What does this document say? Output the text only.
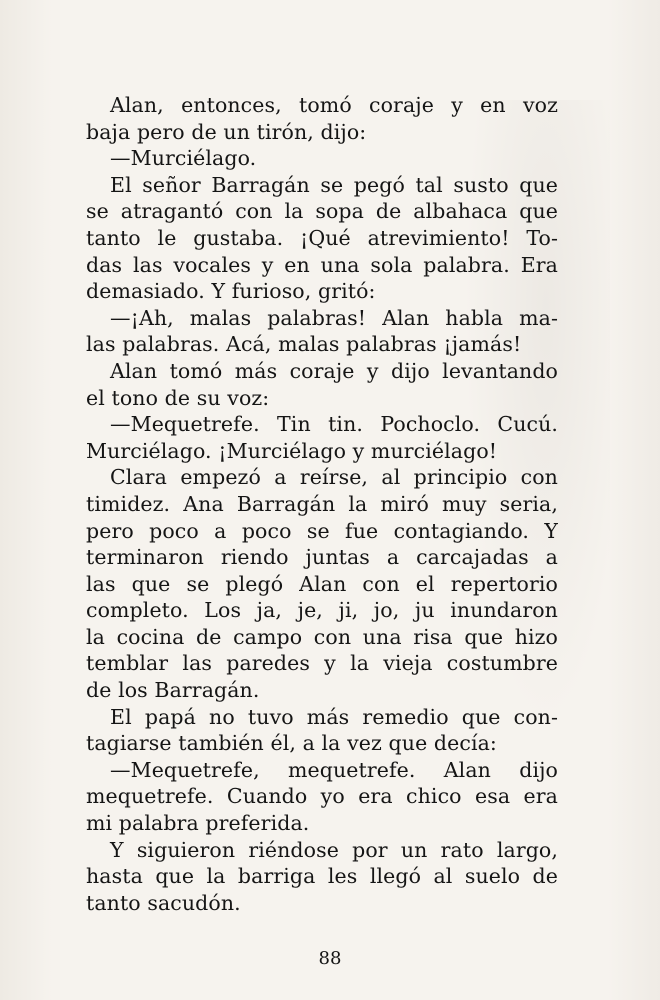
Alan, entonces, tomó coraje y en voz
baja pero de un tirón, dijo:
—Murciélago.
El señor Barragán se pegó tal susto que
se atragantó con la sopa de albahaca que
tanto le gustaba. ¡Qué atrevimiento! To-
das las vocales y en una sola palabra. Era
demasiado. Y furioso, gritó:
—¡Ah, malas palabras! Alan habla ma-
las palabras. Acá, malas palabras ¡jamás!
Alan tomó más coraje y dijo levantando
el tono de su voz:
—Mequetrefe. Tin tin. Pochoclo. Cucú.
Murciélago. ¡Murciélago y murciélago!
Clara empezó a reírse, al principio con
timidez. Ana Barragán la miró muy seria,
pero poco a poco se fue contagiando. Y
terminaron riendo juntas a carcajadas a
las que se plegó Alan con el repertorio
completo. Los ja, je, ji, jo, ju inundaron
la cocina de campo con una risa que hizo
temblar las paredes y la vieja costumbre
de los Barragán.
El papá no tuvo más remedio que con-
tagiarse también él, a la vez que decía:
—Mequetrefe, mequetrefe. Alan dijo
mequetrefe. Cuando yo era chico esa era
mi palabra preferida.
Y siguieron riéndose por un rato largo,
hasta que la barriga les llegó al suelo de
tanto sacudón.
88
